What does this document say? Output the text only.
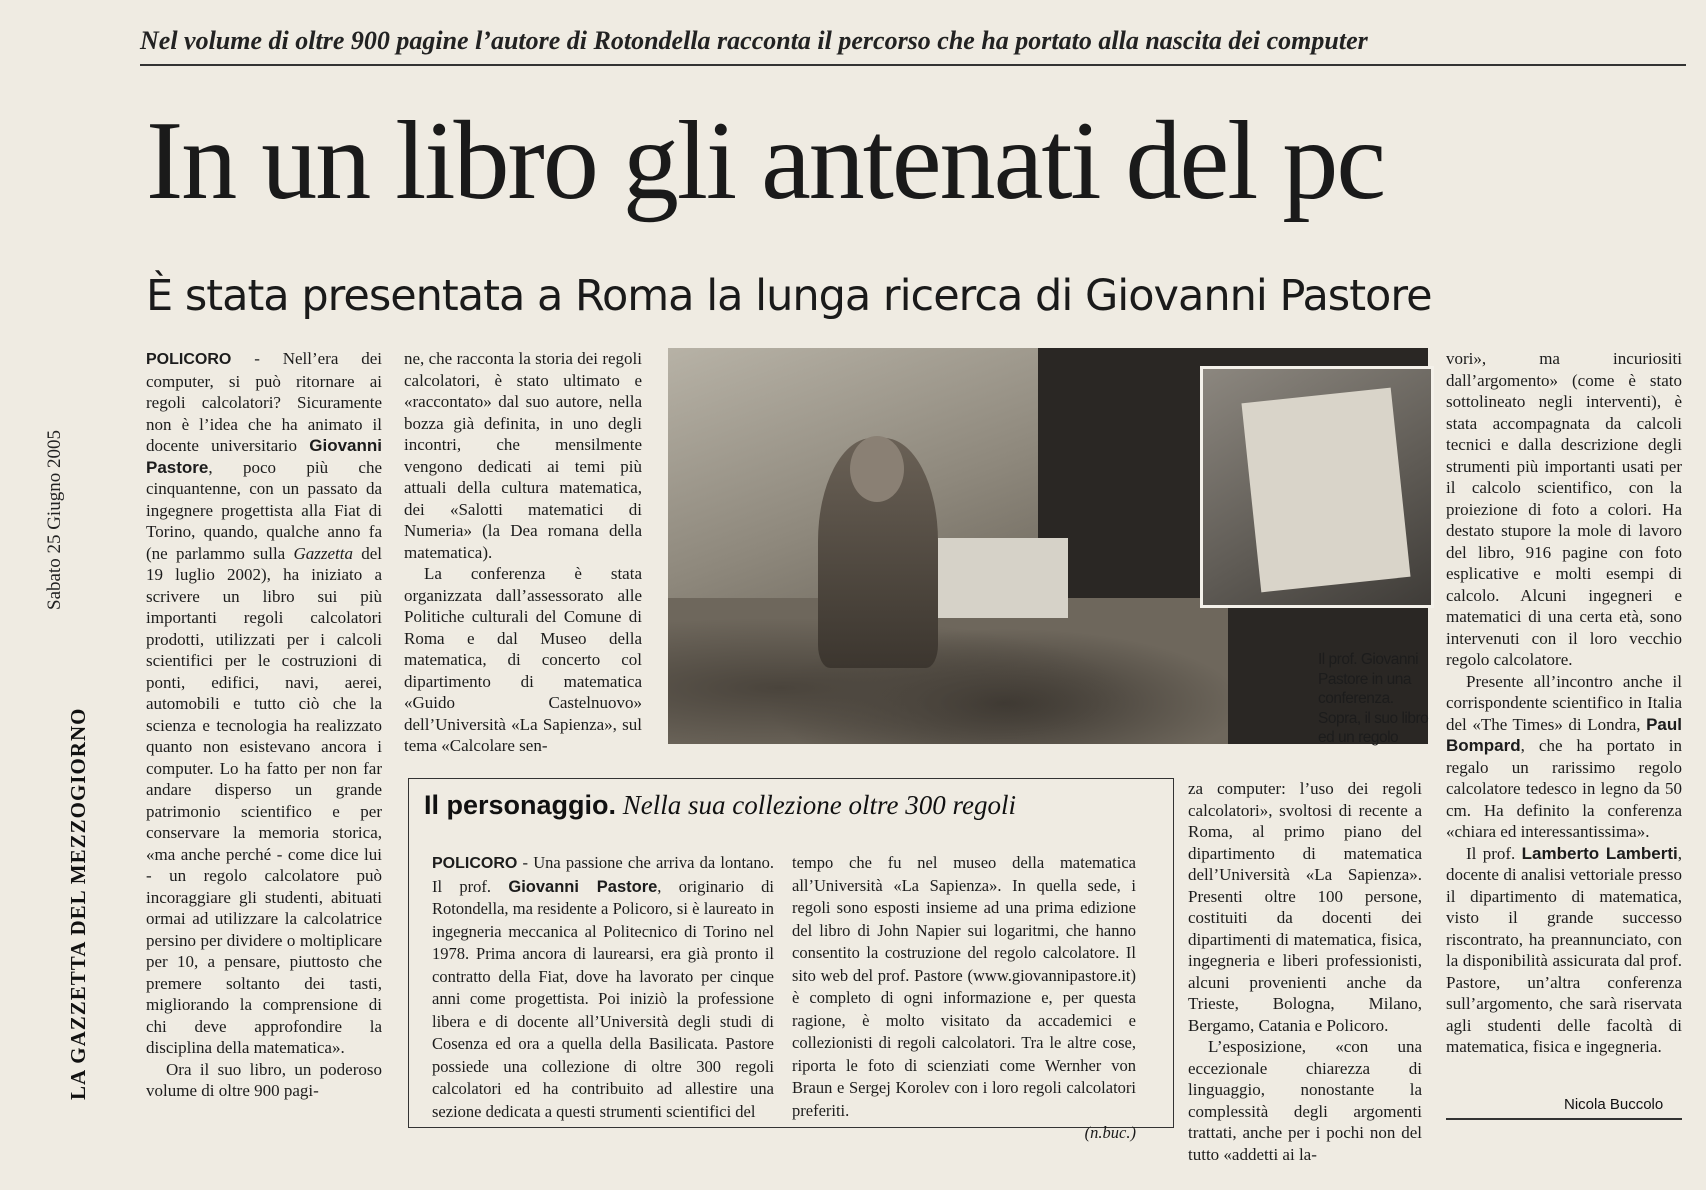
Sabato 25 Giugno 2005
LA GAZZETTA DEL MEZZOGIORNO
Nel volume di oltre 900 pagine l’autore di Rotondella racconta il percorso che ha portato alla nascita dei computer
In un libro gli antenati del pc
È stata presentata a Roma la lunga ricerca di Giovanni Pastore

POLICORO - Nell’era dei computer, si può ritornare ai regoli calcolatori? Sicuramente non è l’idea che ha animato il docente universitario Giovanni Pastore, poco più che cinquantenne, con un passato da ingegnere progettista alla Fiat di Torino, quando, qualche anno fa (ne parlammo sulla Gazzetta del 19 luglio 2002), ha iniziato a scrivere un libro sui più importanti regoli calcolatori prodotti, utilizzati per i calcoli scientifici per le costruzioni di ponti, edifici, navi, aerei, automobili e tutto ciò che la scienza e tecnologia ha realizzato quanto non esistevano ancora i computer. Lo ha fatto per non far andare disperso un grande patrimonio scientifico e per conservare la memoria storica, «ma anche perché - come dice lui - un regolo calcolatore può incoraggiare gli studenti, abituati ormai ad utilizzare la calcolatrice persino per dividere o moltiplicare per 10, a pensare, piuttosto che premere soltanto dei tasti, migliorando la comprensione di chi deve approfondire la disciplina della matematica».

Ora il suo libro, un poderoso volume di oltre 900 pagi-

ne, che racconta la storia dei regoli calcolatori, è stato ultimato e «raccontato» dal suo autore, nella bozza già definita, in uno degli incontri, che mensilmente vengono dedicati ai temi più attuali della cultura matematica, dei «Salotti matematici di Numeria» (la Dea romana della matematica).

La conferenza è stata organizzata dall’assessorato alle Politiche culturali del Comune di Roma e dal Museo della matematica, di concerto col dipartimento di matematica «Guido Castelnuovo» dell’Università «La Sapienza», sul tema «Calcolare sen-

Il prof. Giovanni Pastore in una conferenza. Sopra, il suo libro ed un regolo

za computer: l’uso dei regoli calcolatori», svoltosi di recente a Roma, al primo piano del dipartimento di matematica dell’Università «La Sapienza». Presenti oltre 100 persone, costituiti da docenti dei dipartimenti di matematica, fisica, ingegneria e liberi professionisti, alcuni provenienti anche da Trieste, Bologna, Milano, Bergamo, Catania e Policoro.

L’esposizione, «con una eccezionale chiarezza di linguaggio, nonostante la complessità degli argomenti trattati, anche per i pochi non del tutto «addetti ai la-

vori», ma incuriositi dall’argomento» (come è stato sottolineato negli interventi), è stata accompagnata da calcoli tecnici e dalla descrizione degli strumenti più importanti usati per il calcolo scientifico, con la proiezione di foto a colori. Ha destato stupore la mole di lavoro del libro, 916 pagine con foto esplicative e molti esempi di calcolo. Alcuni ingegneri e matematici di una certa età, sono intervenuti con il loro vecchio regolo calcolatore.

Presente all’incontro anche il corrispondente scientifico in Italia del «The Times» di Londra, Paul Bompard, che ha portato in regalo un rarissimo regolo calcolatore tedesco in legno da 50 cm. Ha definito la conferenza «chiara ed interessantissima».

Il prof. Lamberto Lamberti, docente di analisi vettoriale presso il dipartimento di matematica, visto il grande successo riscontrato, ha preannunciato, con la disponibilità assicurata dal prof. Pastore, un’altra conferenza sull’argomento, che sarà riservata agli studenti delle facoltà di matematica, fisica e ingegneria.

Nicola Buccolo
Il personaggio. Nella sua collezione oltre 300 regoli

POLICORO - Una passione che arriva da lontano. Il prof. Giovanni Pastore, originario di Rotondella, ma residente a Policoro, si è laureato in ingegneria meccanica al Politecnico di Torino nel 1978. Prima ancora di laurearsi, era già pronto il contratto della Fiat, dove ha lavorato per cinque anni come progettista. Poi iniziò la professione libera e di docente all’Università degli studi di Cosenza ed ora a quella della Basilicata. Pastore possiede una collezione di oltre 300 regoli calcolatori ed ha contribuito ad allestire una sezione dedicata a questi strumenti scientifici del

tempo che fu nel museo della matematica all’Università «La Sapienza». In quella sede, i regoli sono esposti insieme ad una prima edizione del libro di John Napier sui logaritmi, che hanno consentito la costruzione del regolo calcolatore. Il sito web del prof. Pastore (www.giovannipastore.it) è completo di ogni informazione e, per questa ragione, è molto visitato da accademici e collezionisti di regoli calcolatori. Tra le altre cose, riporta le foto di scienziati come Wernher von Braun e Sergej Korolev con i loro regoli calcolatori preferiti.

(n.buc.)
